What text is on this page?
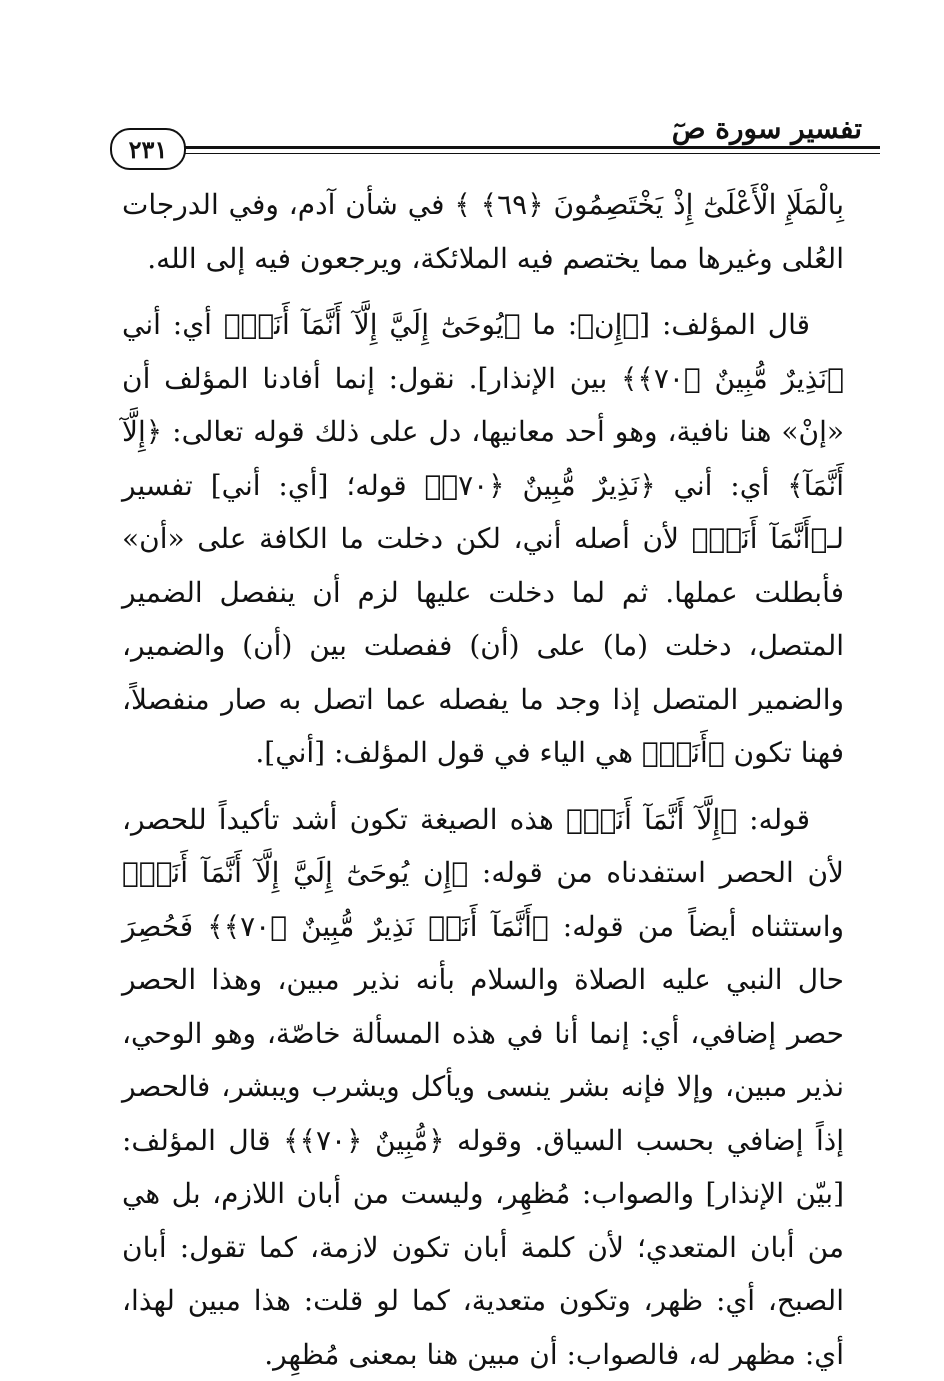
تفسير سورة صٓ
٢٣١

بِالْمَلَإِ الْأَعْلَىٰٓ إِذْ يَخْتَصِمُونَ ﴿٦٩﴾ ﴾ في شأن آدم، وفي الدرجات العُلى وغيرها مما يختصم فيه الملائكة، ويرجعون فيه إلى الله.

قال المؤلف: [﴿إِن﴾: ما ﴿يُوحَىٰٓ إِلَيَّ إِلَّآ أَنَّمَآ أَنَا۠﴾ أي: أني ﴿نَذِيرٌ مُّبِينٌ ﴿٧٠﴾﴾ بين الإنذار]. نقول: إنما أفادنا المؤلف أن «إنْ» هنا نافية، وهو أحد معانيها، دل على ذلك قوله تعالى: ﴿إِلَّآ أَنَّمَآ﴾ أي: أني ﴿نَذِيرٌ مُّبِينٌ ﴿٧٠﴾﴾ قوله؛ [أي: أني] تفسير لـ﴿أَنَّمَآ أَنَا۠﴾ لأن أصله أني، لكن دخلت ما الكافة على «أن» فأبطلت عملها. ثم لما دخلت عليها لزم أن ينفصل الضمير المتصل، دخلت (ما) على (أن) ففصلت بين (أن) والضمير، والضمير المتصل إذا وجد ما يفصله عما اتصل به صار منفصلاً، فهنا تكون ﴿أَنَا۠﴾ هي الياء في قول المؤلف: [أني].

قوله: ﴿إِلَّآ أَنَّمَآ أَنَا۠﴾ هذه الصيغة تكون أشد تأكيداً للحصر، لأن الحصر استفدناه من قوله: ﴿إِن يُوحَىٰٓ إِلَيَّ إِلَّآ أَنَّمَآ أَنَا۠﴾ واستثناه أيضاً من قوله: ﴿أَنَّمَآ أَنَا۠ نَذِيرٌ مُّبِينٌ ﴿٧٠﴾﴾ فَحُصِرَ حال النبي عليه الصلاة والسلام بأنه نذير مبين، وهذا الحصر حصر إضافي، أي: إنما أنا في هذه المسألة خاصّة، وهو الوحي، نذير مبين، وإلا فإنه بشر ينسى ويأكل ويشرب ويبشر، فالحصر إذاً إضافي بحسب السياق. وقوله ﴿مُّبِينٌ ﴿٧٠﴾﴾ قال المؤلف: [بيّن الإنذار] والصواب: مُظهِر، وليست من أبان اللازم، بل هي من أبان المتعدي؛ لأن كلمة أبان تكون لازمة، كما تقول: أبان الصبح، أي: ظهر، وتكون متعدية، كما لو قلت: هذا مبين لهذا، أي: مظهر له، فالصواب: أن مبين هنا بمعنى مُظهِر.
